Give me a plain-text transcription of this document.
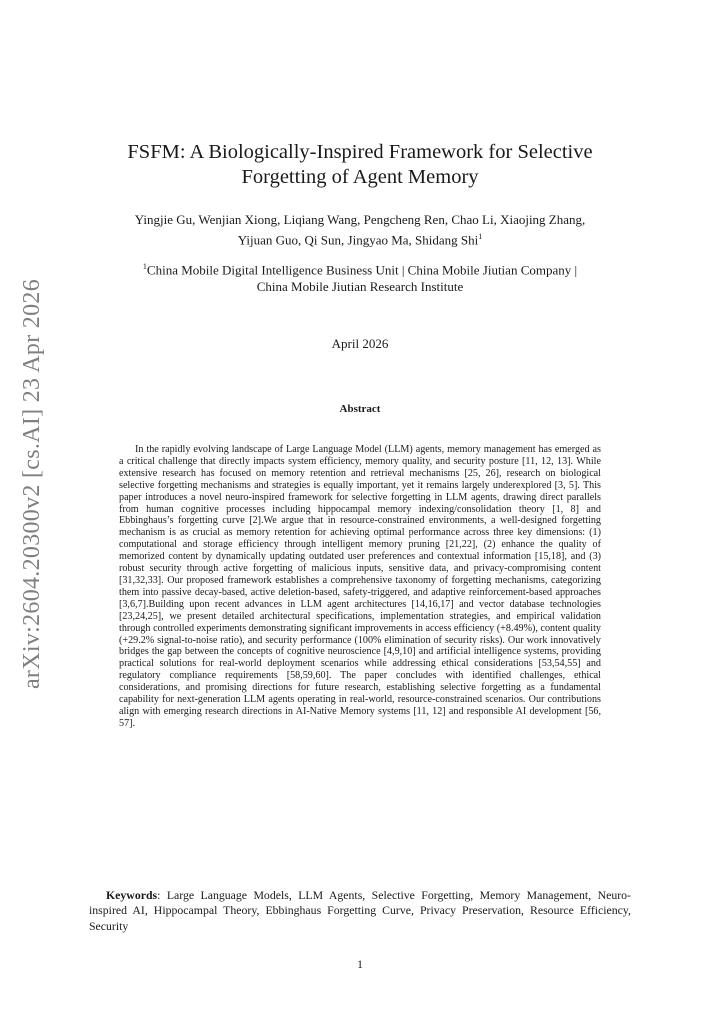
arXiv:2604.20300v2 [cs.AI] 23 Apr 2026
FSFM: A Biologically-Inspired Framework for Selective
Forgetting of Agent Memory
Yingjie Gu, Wenjian Xiong, Liqiang Wang, Pengcheng Ren, Chao Li, Xiaojing Zhang,
Yijuan Guo, Qi Sun, Jingyao Ma, Shidang Shi$^1$
$^1$China Mobile Digital Intelligence Business Unit | China Mobile Jiutian Company |
China Mobile Jiutian Research Institute
April 2026
Abstract

In the rapidly evolving landscape of Large Language Model (LLM) agents, memory management has emerged as a critical challenge that directly impacts system efficiency, memory quality, and security posture [11, 12, 13]. While extensive research has focused on memory retention and retrieval mechanisms [25, 26], research on biological selective forgetting mechanisms and strategies is equally important, yet it remains largely underexplored [3, 5]. This paper introduces a novel neuro-inspired framework for selective forgetting in LLM agents, drawing direct parallels from human cognitive processes including hippocampal memory indexing/consolidation theory [1, 8] and Ebbinghaus’s forgetting curve [2].We argue that in resource-constrained environments, a well-designed forgetting mechanism is as crucial as memory retention for achieving optimal performance across three key dimensions: (1) computational and storage efficiency through intelligent memory pruning [21,22], (2) enhance the quality of memorized content by dynamically updating outdated user preferences and contextual information [15,18], and (3) robust security through active forgetting of malicious inputs, sensitive data, and privacy-compromising content [31,32,33]. Our proposed framework establishes a comprehensive taxonomy of forgetting mechanisms, categorizing them into passive decay-based, active deletion-based, safety-triggered, and adaptive reinforcement-based approaches [3,6,7].Building upon recent advances in LLM agent architectures [14,16,17] and vector database technologies [23,24,25], we present detailed architectural specifications, implementation strategies, and empirical validation through controlled experiments demonstrating significant improvements in access efficiency (+8.49%), content quality (+29.2% signal-to-noise ratio), and security performance (100% elimination of security risks). Our work innovatively bridges the gap between the concepts of cognitive neuroscience [4,9,10] and artificial intelligence systems, providing practical solutions for real-world deployment scenarios while addressing ethical considerations [53,54,55] and regulatory compliance requirements [58,59,60]. The paper concludes with identified challenges, ethical considerations, and promising directions for future research, establishing selective forgetting as a fundamental capability for next-generation LLM agents operating in real-world, resource-constrained scenarios. Our contributions align with emerging research directions in AI-Native Memory systems [11, 12] and responsible AI development [56, 57].

Keywords: Large Language Models, LLM Agents, Selective Forgetting, Memory Management, Neuro-inspired AI, Hippocampal Theory, Ebbinghaus Forgetting Curve, Privacy Preservation, Resource Efficiency, Security

1
